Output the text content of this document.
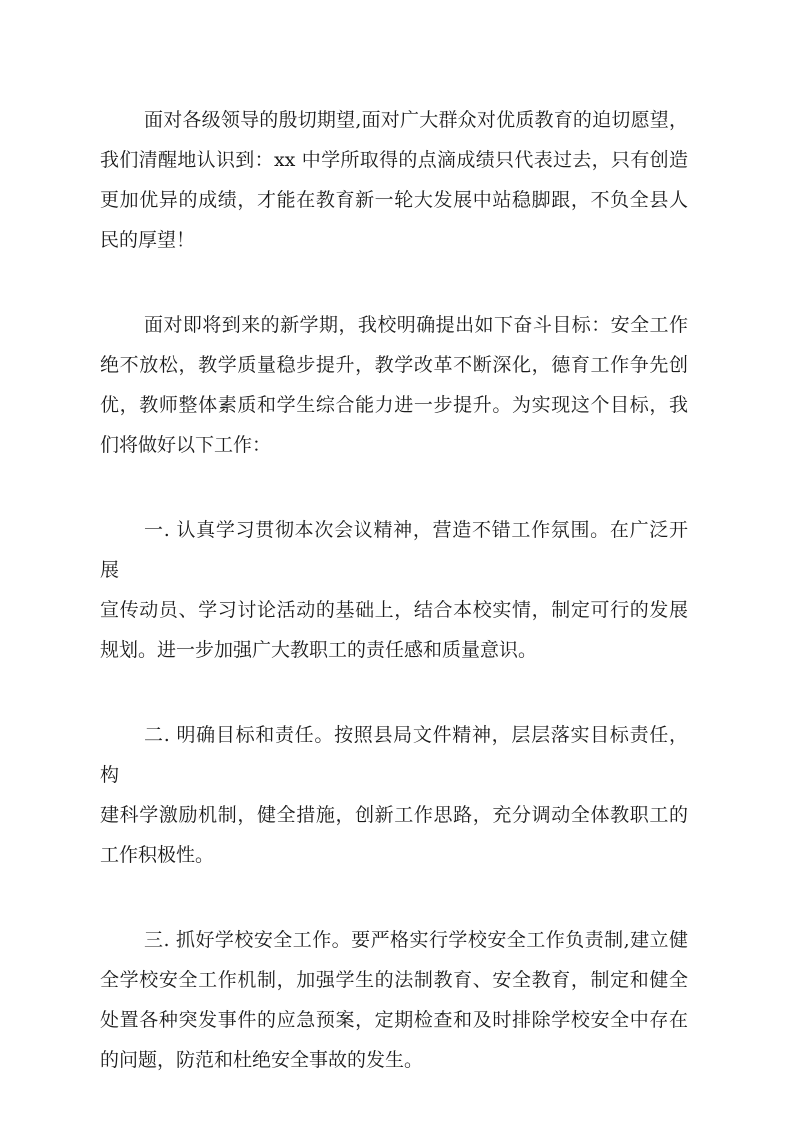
面对各级领导的殷切期望,面对广大群众对优质教育的迫切愿望，
我们清醒地认识到：xx 中学所取得的点滴成绩只代表过去，只有创造
更加优异的成绩，才能在教育新一轮大发展中站稳脚跟，不负全县人
民的厚望！
面对即将到来的新学期，我校明确提出如下奋斗目标：安全工作
绝不放松，教学质量稳步提升，教学改革不断深化，德育工作争先创
优，教师整体素质和学生综合能力进一步提升。为实现这个目标，我
们将做好以下工作：
一. 认真学习贯彻本次会议精神，营造不错工作氛围。在广泛开展
宣传动员、学习讨论活动的基础上，结合本校实情，制定可行的发展
规划。进一步加强广大教职工的责任感和质量意识。
二. 明确目标和责任。按照县局文件精神，层层落实目标责任，构
建科学激励机制，健全措施，创新工作思路，充分调动全体教职工的
工作积极性。
三. 抓好学校安全工作。要严格实行学校安全工作负责制,建立健
全学校安全工作机制，加强学生的法制教育、安全教育，制定和健全
处置各种突发事件的应急预案，定期检查和及时排除学校安全中存在
的问题，防范和杜绝安全事故的发生。
